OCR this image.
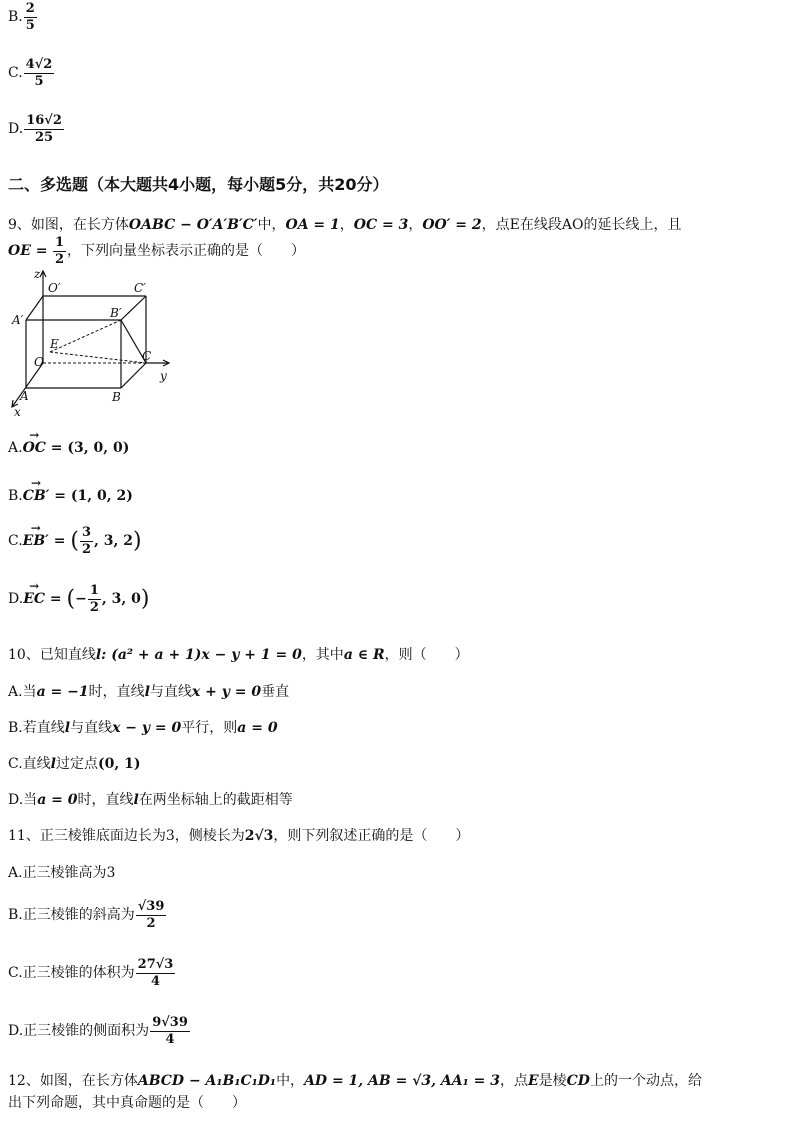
B. $\frac{2}{5}$
C. $\frac{4√2}{5}$
D. $\frac{16√2}{25}$
二、多选题（本大题共4小题，每小题5分，共20分）
9、如图，在长方体OABC − O′A′B′C′中，OA = 1，OC = 3，OO′ = 2，点E在线段AO的延长线上，且
OE = $\frac{1}{2}$ ，下列向量坐标表示正确的是（　　）
z
O′	C′
A′	B′
E
O	C
y
A	B
x
A.→ OC = (3, 0, 0)
B.→ CB′ = (1, 0, 2)
C.→ EB′ = ( $\frac{3}{2}$ , 3, 2)
D.→ EC = (− $\frac{1}{2}$ , 3, 0)
10、已知直线l: (a² + a + 1)x − y + 1 = 0，其中a ∈ R，则（　　）
A.当a = −1时，直线l与直线x + y = 0垂直
B.若直线l与直线x − y = 0平行，则a = 0
C.直线l过定点(0, 1)
D.当a = 0时，直线l在两坐标轴上的截距相等
11、正三棱锥底面边长为3，侧棱长为2√3，则下列叙述正确的是（　　）
A.正三棱锥高为3
B.正三棱锥的斜高为 $\frac{√39}{2}$
C.正三棱锥的体积为 $\frac{27√3}{4}$
D.正三棱锥的侧面积为 $\frac{9√39}{4}$
12、如图，在长方体ABCD − A₁B₁C₁D₁中，AD = 1, AB = √3, AA₁ = 3，点E是棱CD上的一个动点，给
出下列命题，其中真命题的是（　　）
